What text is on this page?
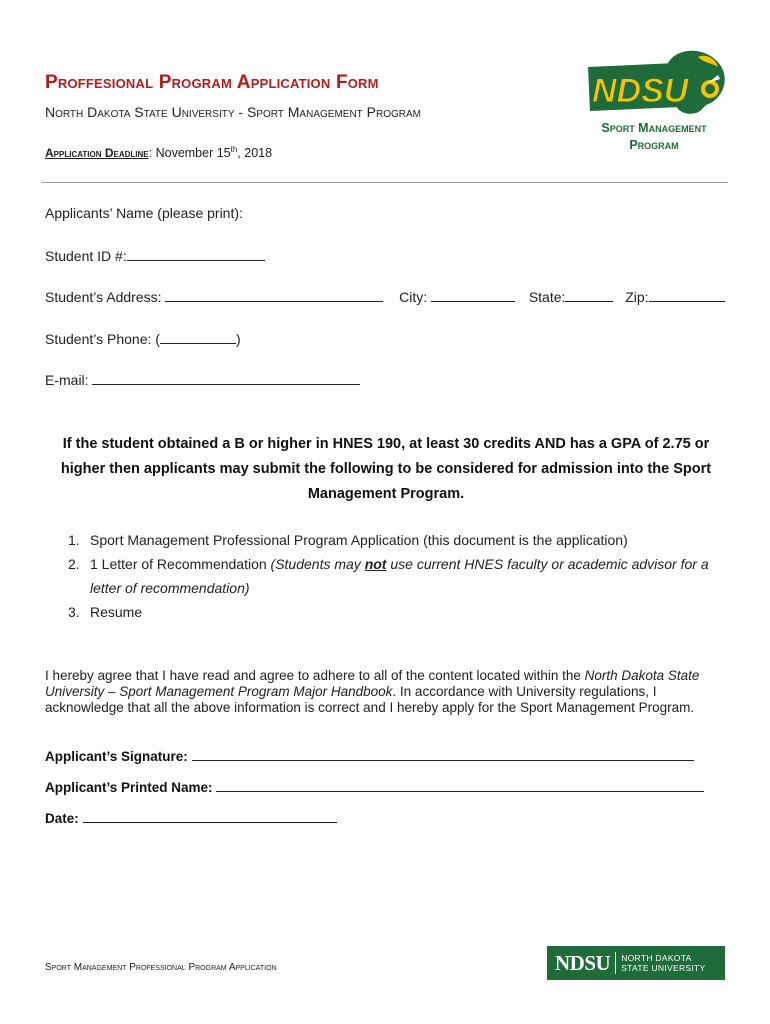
Proffesional Program Application Form
North Dakota State University - Sport Management Program
Application Deadline: November 15th, 2018
NDSU
TM
Sport Management
Program
Applicants’ Name (please print):
Student ID #:
Student’s Address:	City:	State:	Zip:
Student’s Phone: (	)
E-mail:
If the student obtained a B or higher in HNES 190, at least 30 credits AND has a GPA of 2.75 or higher then applicants may submit the following to be considered for admission into the Sport Management Program.
1. Sport Management Professional Program Application (this document is the application)
2. 1 Letter of Recommendation (Students may not use current HNES faculty or academic advisor for a letter of recommendation)
3. Resume
I hereby agree that I have read and agree to adhere to all of the content located within the North Dakota State University – Sport Management Program Major Handbook. In accordance with University regulations, I acknowledge that all the above information is correct and I hereby apply for the Sport Management Program.
Applicant’s Signature:
Applicant’s Printed Name:
Date:
Sport Management Professional Program Application	NDSU NORTH DAKOTA
STATE UNIVERSITY
